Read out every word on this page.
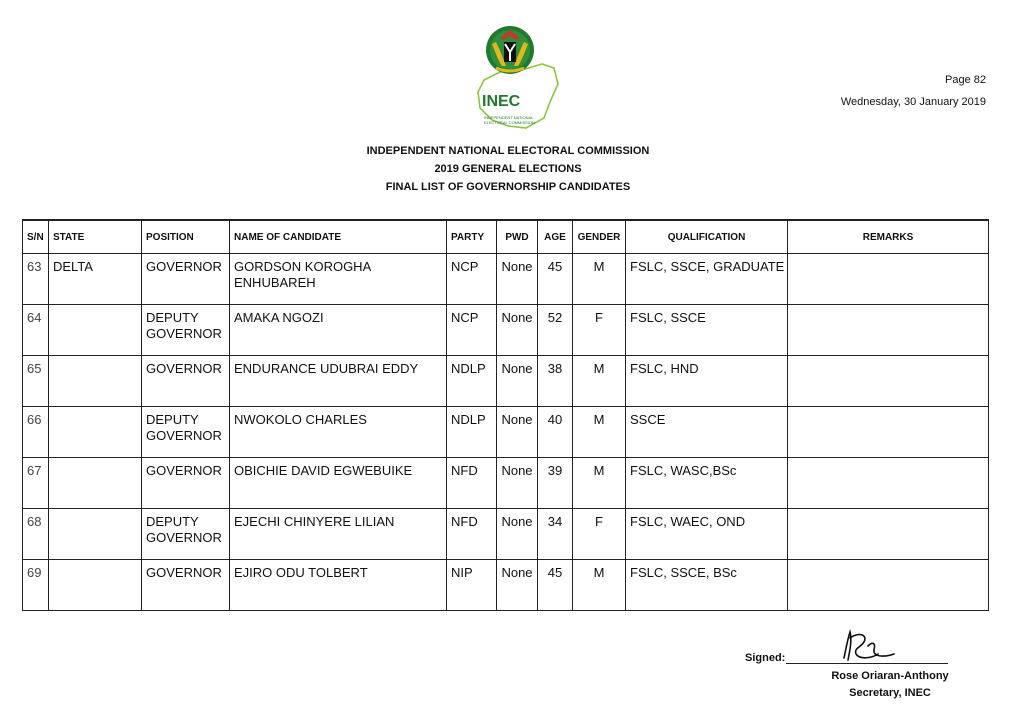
INEC
INDEPENDENT NATIONAL
ELECTORAL COMMISSION
Page 82
Wednesday, 30 January 2019
INDEPENDENT NATIONAL ELECTORAL COMMISSION
2019 GENERAL ELECTIONS
FINAL LIST OF GOVERNORSHIP CANDIDATES
S/N	STATE	POSITION	NAME OF CANDIDATE	PARTY	PWD	AGE	GENDER	QUALIFICATION	REMARKS
63	DELTA	GOVERNOR	GORDSON KOROGHA ENHUBAREH	NCP	None	45	M	FSLC, SSCE, GRADUATE	
64		DEPUTY GOVERNOR	AMAKA NGOZI	NCP	None	52	F	FSLC, SSCE	
65		GOVERNOR	ENDURANCE UDUBRAI EDDY	NDLP	None	38	M	FSLC, HND	
66		DEPUTY GOVERNOR	NWOKOLO CHARLES	NDLP	None	40	M	SSCE	
67		GOVERNOR	OBICHIE DAVID EGWEBUIKE	NFD	None	39	M	FSLC, WASC,BSc	
68		DEPUTY GOVERNOR	EJECHI CHINYERE LILIAN	NFD	None	34	F	FSLC, WAEC, OND	
69		GOVERNOR	EJIRO ODU TOLBERT	NIP	None	45	M	FSLC, SSCE, BSc	
Signed:
Rose Oriaran-Anthony
Secretary, INEC
